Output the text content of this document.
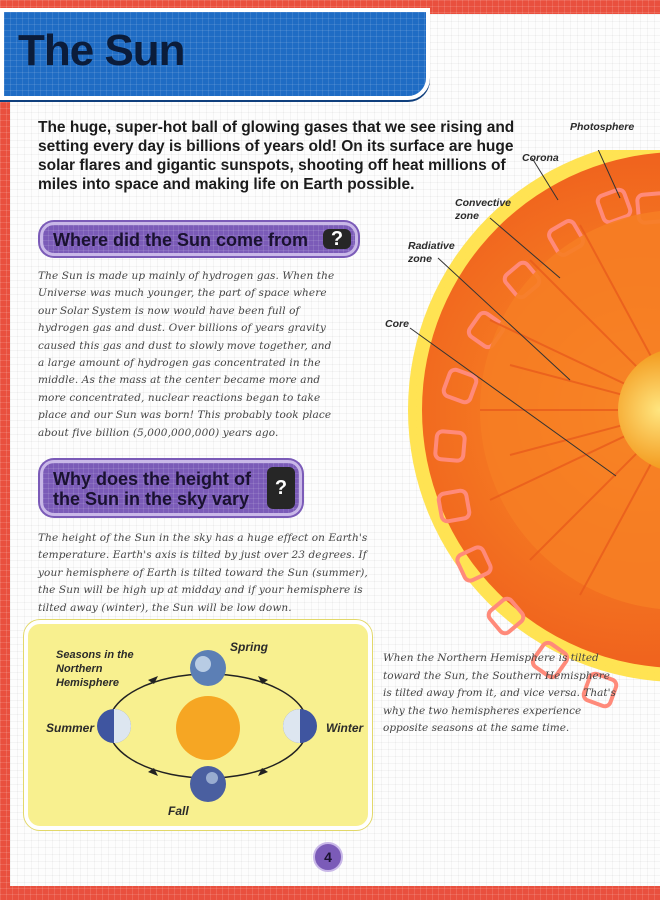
The Sun
Photosphere
Corona
Convective zone
Radiative zone
Core
The huge, super-hot ball of glowing gases that we see rising and setting every day is billions of years old! On its surface are huge solar flares and gigantic sunspots, shooting off heat millions of miles into space and making life on Earth possible.
Where did the Sun come from	?
The Sun is made up mainly of hydrogen gas. When the Universe was much younger, the part of space where our Solar System is now would have been full of hydrogen gas and dust. Over billions of years gravity caused this gas and dust to slowly move together, and a large amount of hydrogen gas concentrated in the middle. As the mass at the center became more and more concentrated, nuclear reactions began to take place and our Sun was born! This probably took place about five billion (5,000,000,000) years ago.
Why does the height of the Sun in the sky vary
?
The height of the Sun in the sky has a huge effect on Earth's temperature. Earth's axis is tilted by just over 23 degrees. If your hemisphere of Earth is tilted toward the Sun (summer), the Sun will be high up at midday and if your hemisphere is tilted away (winter), the Sun will be low down.
Seasons in the Northern Hemisphere
Spring
Summer	Winter
Fall
When the Northern Hemisphere is tilted toward the Sun, the Southern Hemisphere is tilted away from it, and vice versa. That's why the two hemispheres experience opposite seasons at the same time.
4
